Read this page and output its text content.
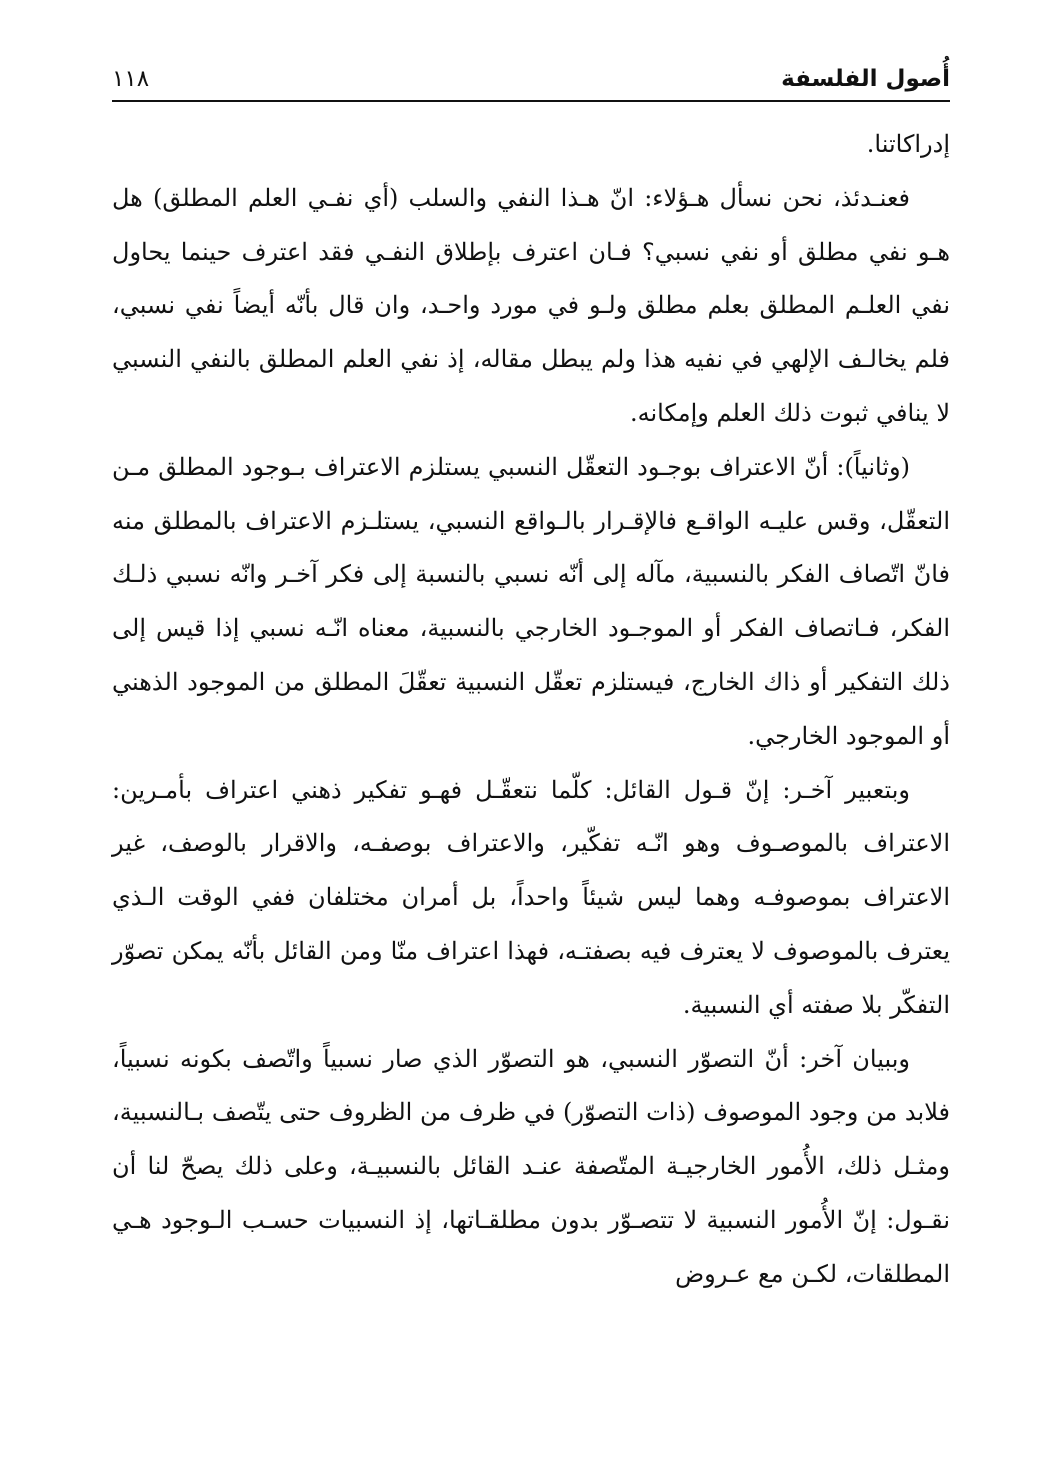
أُصول الفلسفة
١١٨

إدراكاتنا.

فعنـدئذ، نحن نسأل هـؤلاء: انّ هـذا النفي والسلب (أي نفـي العلم المطلق) هل هـو نفي مطلق أو نفي نسبي؟ فـان اعترف بإطلاق النفـي فقد اعترف حينما يحاول نفي العلـم المطلق بعلم مطلق ولـو في مورد واحـد، وان قال بأنّه أيضاً نفي نسبي، فلم يخالـف الإلهي في نفيه هذا ولم يبطل مقاله، إذ نفي العلم المطلق بالنفي النسبي لا ينافي ثبوت ذلك العلم وإمكانه.

(وثانياً): أنّ الاعتراف بوجـود التعقّل النسبي يستلزم الاعتراف بـوجود المطلق مـن التعقّل، وقس عليـه الواقـع فالإقـرار بالـواقع النسبي، يستلـزم الاعتراف بالمطلق منه فانّ اتّصاف الفكر بالنسبية، مآله إلى أنّه نسبي بالنسبة إلى فكر آخـر وانّه نسبي ذلـك الفكر، فـاتصاف الفكر أو الموجـود الخارجي بالنسبية، معناه انّـه نسبي إذا قيس إلى ذلك التفكير أو ذاك الخارج، فيستلزم تعقّل النسبية تعقّلَ المطلق من الموجود الذهني أو الموجود الخارجي.

وبتعبير آخـر: إنّ قـول القائل: كلّما نتعقّـل فهـو تفكير ذهني اعتراف بأمـرين: الاعتراف بالموصـوف وهو انّـه تفكّير، والاعتراف بوصفـه، والاقرار بالوصف، غير الاعتراف بموصوفـه وهما ليس شيئاً واحداً، بل أمران مختلفان ففي الوقت الـذي يعترف بالموصوف لا يعترف فيه بصفتـه، فهذا اعتراف منّا ومن القائل بأنّه يمكن تصوّر التفكّر بلا صفته أي النسبية.

وببيان آخر: أنّ التصوّر النسبي، هو التصوّر الذي صار نسبياً واتّصف بكونه نسبياً، فلابد من وجود الموصوف (ذات التصوّر) في ظرف من الظروف حتى يتّصف بـالنسبية، ومثـل ذلك، الأُمور الخارجيـة المتّصفة عنـد القائل بالنسبيـة، وعلى ذلك يصحّ لنا أن نقـول: إنّ الأُمور النسبية لا تتصـوّر بدون مطلقـاتها، إذ النسبيات حسـب الـوجود هـي المطلقات، لكـن مع عـروض
